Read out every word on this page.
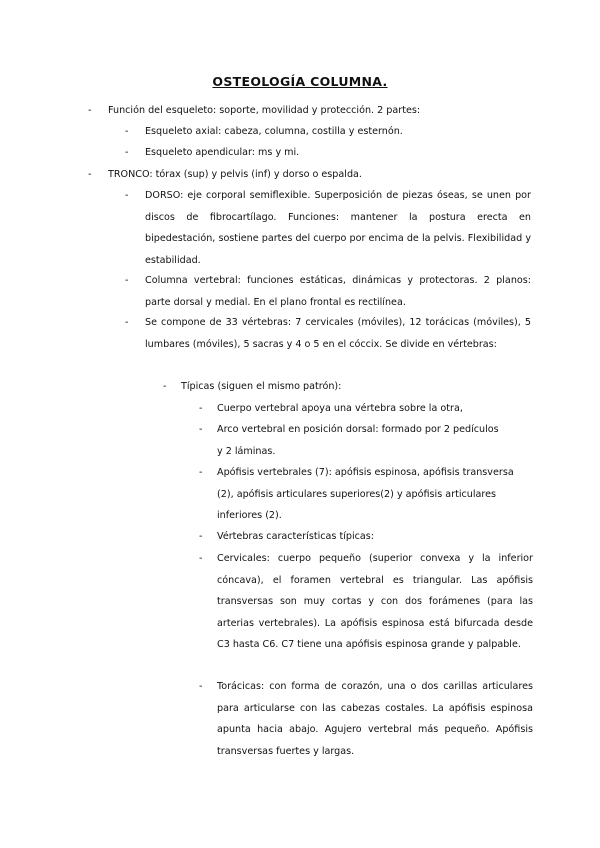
OSTEOLOGÍA COLUMNA.
- Función del esqueleto: soporte, movilidad y protección. 2 partes:
- Esqueleto axial: cabeza, columna, costilla y esternón.
- Esqueleto apendicular: ms y mi.
- TRONCO: tórax (sup) y pelvis (inf) y dorso o espalda.
- DORSO: eje corporal semiflexible. Superposición de piezas óseas, se unen por discos de fibrocartílago. Funciones: mantener la postura erecta en bipedestación, sostiene partes del cuerpo por encima de la pelvis. Flexibilidad y estabilidad.
- Columna vertebral: funciones estáticas, dinámicas y protectoras. 2 planos: parte dorsal y medial. En el plano frontal es rectilínea.
- Se compone de 33 vértebras: 7 cervicales (móviles), 12 torácicas (móviles), 5 lumbares (móviles), 5 sacras y 4 o 5 en el cóccix. Se divide en vértebras:
- Típicas (siguen el mismo patrón):
- Cuerpo vertebral apoya una vértebra sobre la otra,
- Arco vertebral en posición dorsal: formado por 2 pedículos y 2 láminas.
- Apófisis vertebrales (7): apófisis espinosa, apófisis transversa (2), apófisis articulares superiores(2) y apófisis articulares inferiores (2).
- Vértebras características típicas:
- Cervicales: cuerpo pequeño (superior convexa y la inferior cóncava), el foramen vertebral es triangular. Las apófisis transversas son muy cortas y con dos forámenes (para las arterias vertebrales). La apófisis espinosa está bifurcada desde C3 hasta C6. C7 tiene una apófisis espinosa grande y palpable.
- Torácicas: con forma de corazón, una o dos carillas articulares para articularse con las cabezas costales. La apófisis espinosa apunta hacia abajo. Agujero vertebral más pequeño. Apófisis transversas fuertes y largas.
